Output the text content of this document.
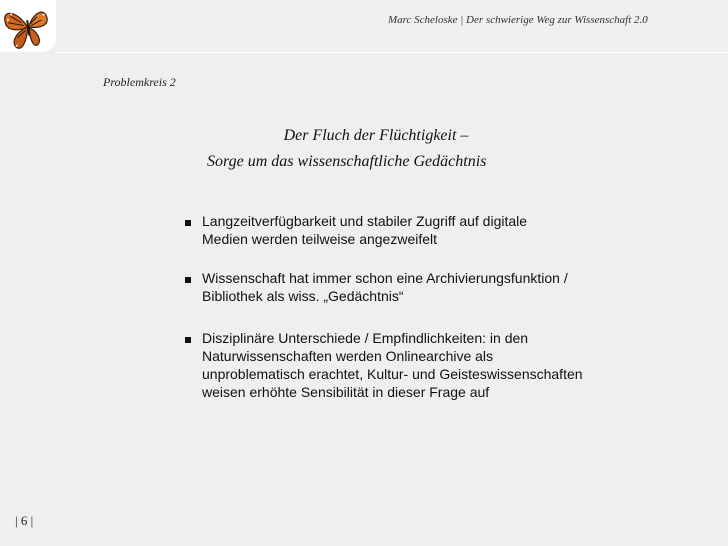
Marc Scheloske | Der schwierige Weg zur Wissenschaft 2.0
Problemkreis 2
Der Fluch der Flüchtigkeit –
Sorge um das wissenschaftliche Gedächtnis
Langzeitverfügbarkeit und stabiler Zugriff auf digitale
Medien werden teilweise angezweifelt
Wissenschaft hat immer schon eine Archivierungsfunktion /
Bibliothek als wiss. „Gedächtnis“
Disziplinäre Unterschiede / Empfindlichkeiten: in den
Naturwissenschaften werden Onlinearchive als
unproblematisch erachtet, Kultur- und Geisteswissenschaften
weisen erhöhte Sensibilität in dieser Frage auf
| 6 |
